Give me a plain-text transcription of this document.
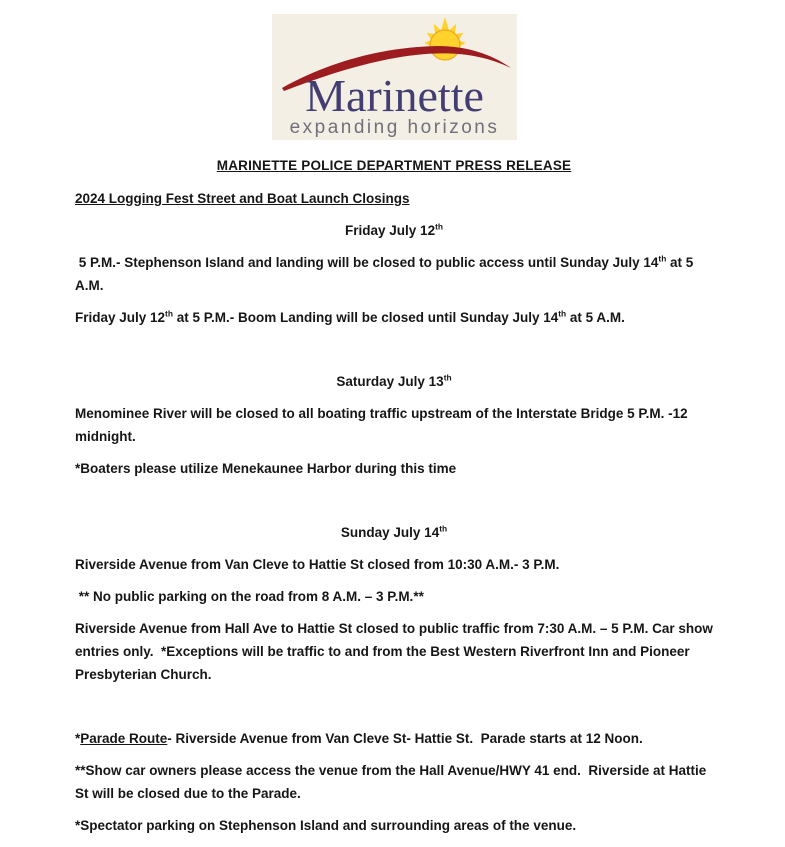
Marinette
expanding horizons
MARINETTE POLICE DEPARTMENT PRESS RELEASE
2024 Logging Fest Street and Boat Launch Closings
Friday July 12th
5 P.M.- Stephenson Island and landing will be closed to public access until Sunday July 14th at 5 A.M.
Friday July 12th at 5 P.M.- Boom Landing will be closed until Sunday July 14th at 5 A.M.
Saturday July 13th
Menominee River will be closed to all boating traffic upstream of the Interstate Bridge 5 P.M. -12 midnight.
*Boaters please utilize Menekaunee Harbor during this time
Sunday July 14th
Riverside Avenue from Van Cleve to Hattie St closed from 10:30 A.M.- 3 P.M.
** No public parking on the road from 8 A.M. – 3 P.M.**
Riverside Avenue from Hall Ave to Hattie St closed to public traffic from 7:30 A.M. – 5 P.M. Car show entries only.  *Exceptions will be traffic to and from the Best Western Riverfront Inn and Pioneer Presbyterian Church.
*Parade Route- Riverside Avenue from Van Cleve St- Hattie St.  Parade starts at 12 Noon.
**Show car owners please access the venue from the Hall Avenue/HWY 41 end.  Riverside at Hattie St will be closed due to the Parade.
*Spectator parking on Stephenson Island and surrounding areas of the venue.
